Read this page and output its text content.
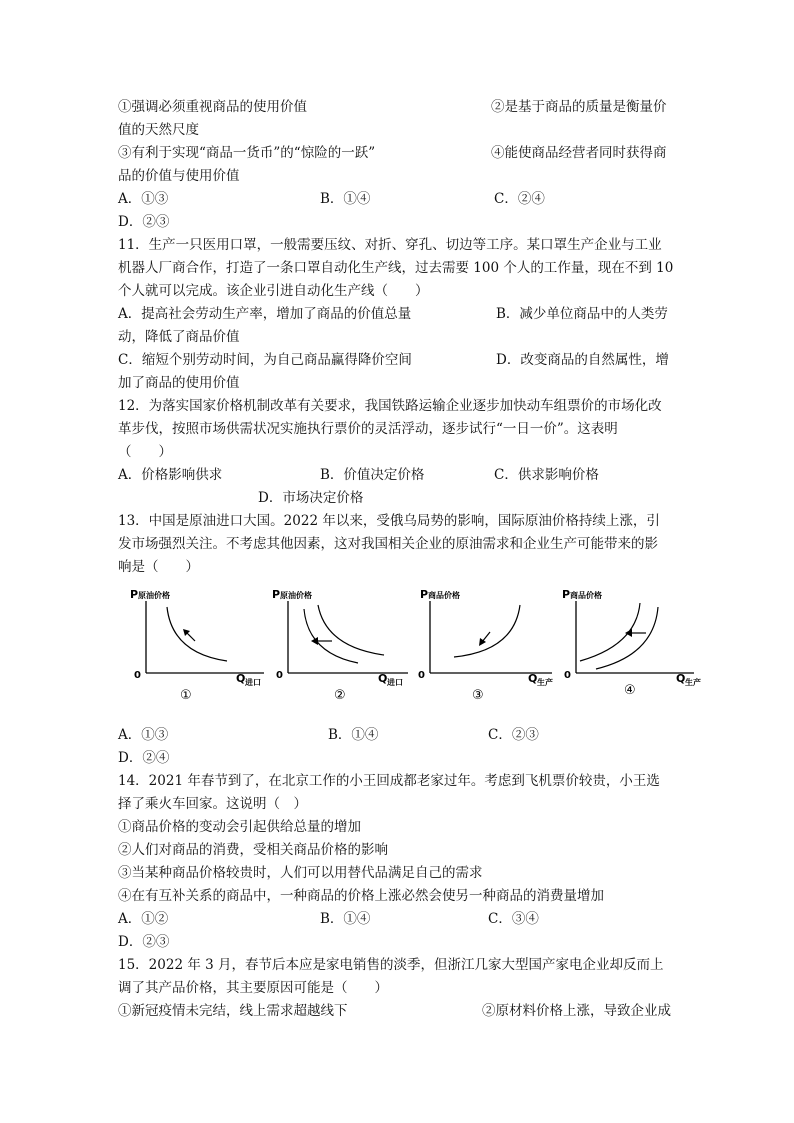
①强调必须重视商品的使用价值	②是基于商品的质量是衡量价
值的天然尺度
③有利于实现“商品一货币”的“惊险的一跃”	④能使商品经营者同时获得商
品的价值与使用价值
A．①③	B．①④	C．②④
D．②③
11．生产一只医用口罩，一般需要压纹、对折、穿孔、切边等工序。某口罩生产企业与工业
机器人厂商合作，打造了一条口罩自动化生产线，过去需要 100 个人的工作量，现在不到 10
个人就可以完成。该企业引进自动化生产线（　　）
A．提高社会劳动生产率，增加了商品的价值总量	B．减少单位商品中的人类劳
动，降低了商品价值
C．缩短个别劳动时间，为自己商品赢得降价空间	D．改变商品的自然属性，增
加了商品的使用价值
12．为落实国家价格机制改革有关要求，我国铁路运输企业逐步加快动车组票价的市场化改
革步伐，按照市场供需状况实施执行票价的灵活浮动，逐步试行“一日一价”。这表明
（　　）
A．价格影响供求	B．价值决定价格	C．供求影响价格
D．市场决定价格
13．中国是原油进口大国。2022 年以来，受俄乌局势的影响，国际原油价格持续上涨，引
发市场强烈关注。不考虑其他因素，这对我国相关企业的原油需求和企业生产可能带来的影
响是（　　）
P 原油价格
0	Q 进口
①
P 原油价格
0	Q 进口
②
P 商品价格
0	Q 生产
③
P 商品价格
0	Q 生产
④
A．①③	B．①④	C．②③
D．②④
14．2021 年春节到了，在北京工作的小王回成都老家过年。考虑到飞机票价较贵，小王选
择了乘火车回家。这说明（　）
①商品价格的变动会引起供给总量的增加
②人们对商品的消费，受相关商品价格的影响
③当某种商品价格较贵时，人们可以用替代品满足自己的需求
④在有互补关系的商品中，一种商品的价格上涨必然会使另一种商品的消费量增加
A．①②	B．①④	C．③④
D．②③
15．2022 年 3 月，春节后本应是家电销售的淡季，但浙江几家大型国产家电企业却反而上
调了其产品价格，其主要原因可能是（　　）
①新冠疫情未完结，线上需求超越线下	②原材料价格上涨，导致企业成
